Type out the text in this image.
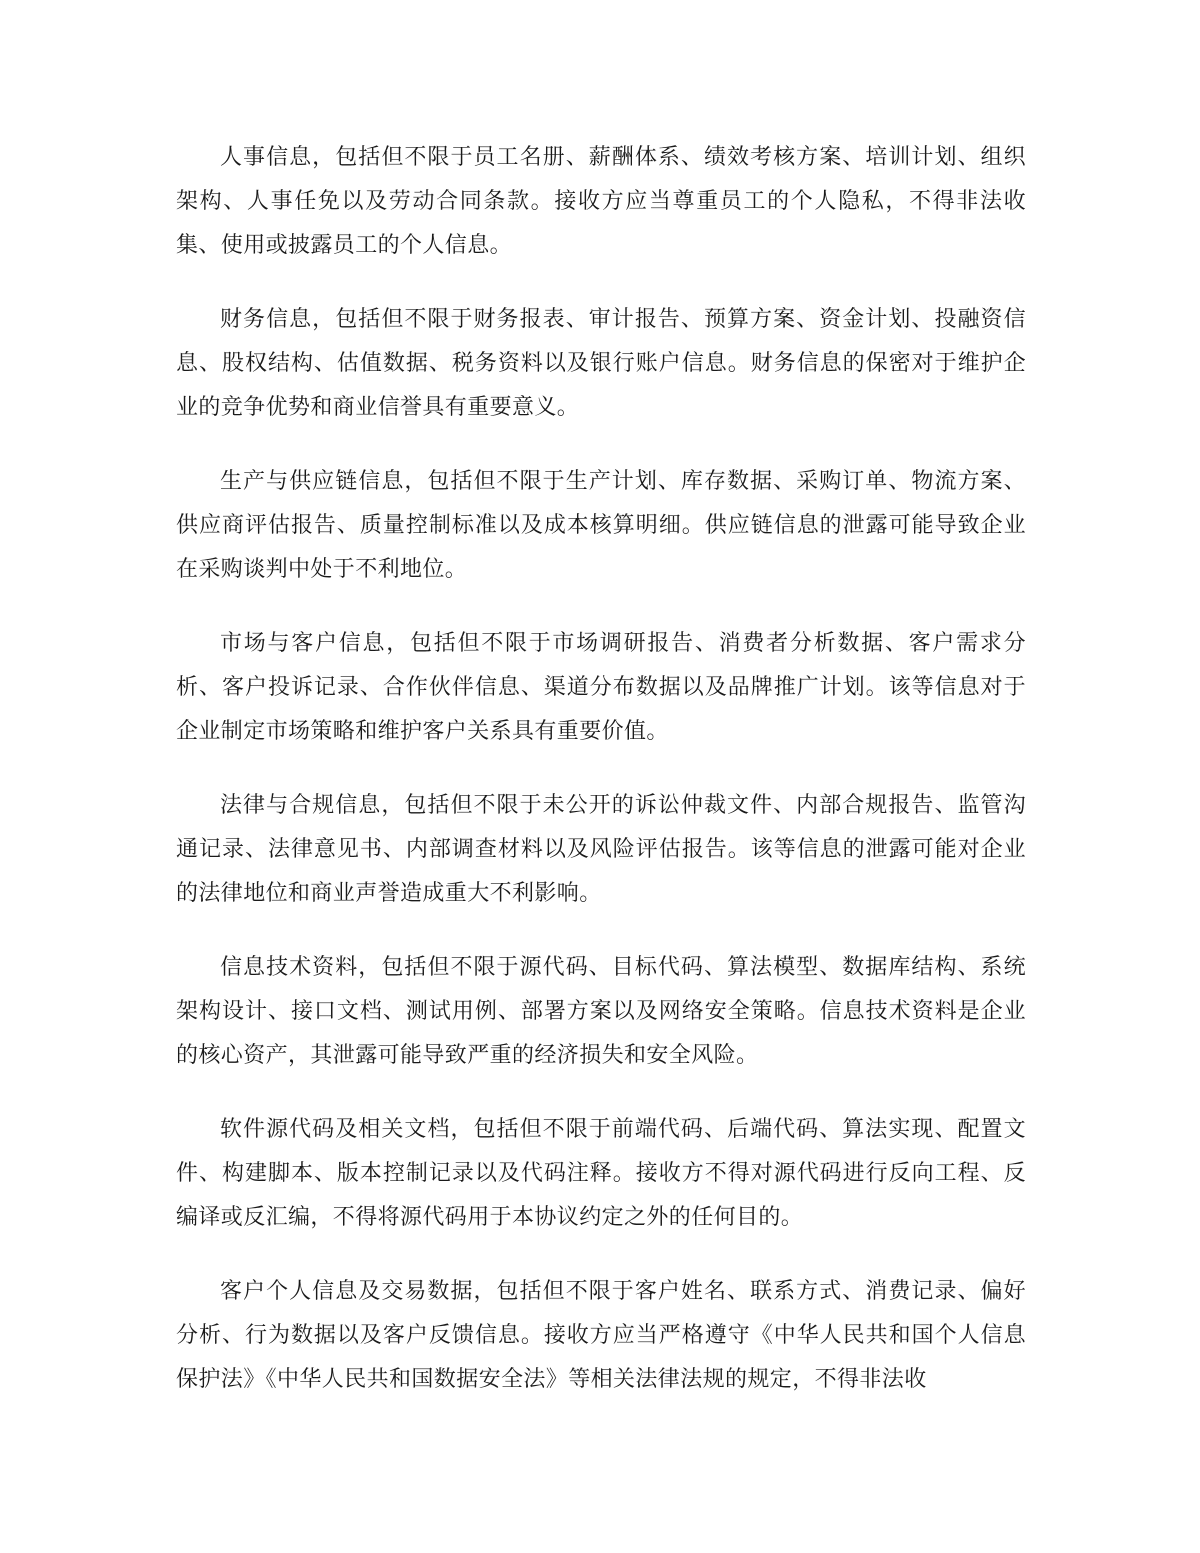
人事信息，包括但不限于员工名册、薪酬体系、绩效考核方案、培训计划、组织架构、人事任免以及劳动合同条款。接收方应当尊重员工的个人隐私，不得非法收集、使用或披露员工的个人信息。

财务信息，包括但不限于财务报表、审计报告、预算方案、资金计划、投融资信息、股权结构、估值数据、税务资料以及银行账户信息。财务信息的保密对于维护企业的竞争优势和商业信誉具有重要意义。

生产与供应链信息，包括但不限于生产计划、库存数据、采购订单、物流方案、供应商评估报告、质量控制标准以及成本核算明细。供应链信息的泄露可能导致企业在采购谈判中处于不利地位。

市场与客户信息，包括但不限于市场调研报告、消费者分析数据、客户需求分析、客户投诉记录、合作伙伴信息、渠道分布数据以及品牌推广计划。该等信息对于企业制定市场策略和维护客户关系具有重要价值。

法律与合规信息，包括但不限于未公开的诉讼仲裁文件、内部合规报告、监管沟通记录、法律意见书、内部调查材料以及风险评估报告。该等信息的泄露可能对企业的法律地位和商业声誉造成重大不利影响。

信息技术资料，包括但不限于源代码、目标代码、算法模型、数据库结构、系统架构设计、接口文档、测试用例、部署方案以及网络安全策略。信息技术资料是企业的核心资产，其泄露可能导致严重的经济损失和安全风险。

软件源代码及相关文档，包括但不限于前端代码、后端代码、算法实现、配置文件、构建脚本、版本控制记录以及代码注释。接收方不得对源代码进行反向工程、反编译或反汇编，不得将源代码用于本协议约定之外的任何目的。

客户个人信息及交易数据，包括但不限于客户姓名、联系方式、消费记录、偏好分析、行为数据以及客户反馈信息。接收方应当严格遵守《中华人民共和国个人信息保护法》《中华人民共和国数据安全法》等相关法律法规的规定，不得非法收
